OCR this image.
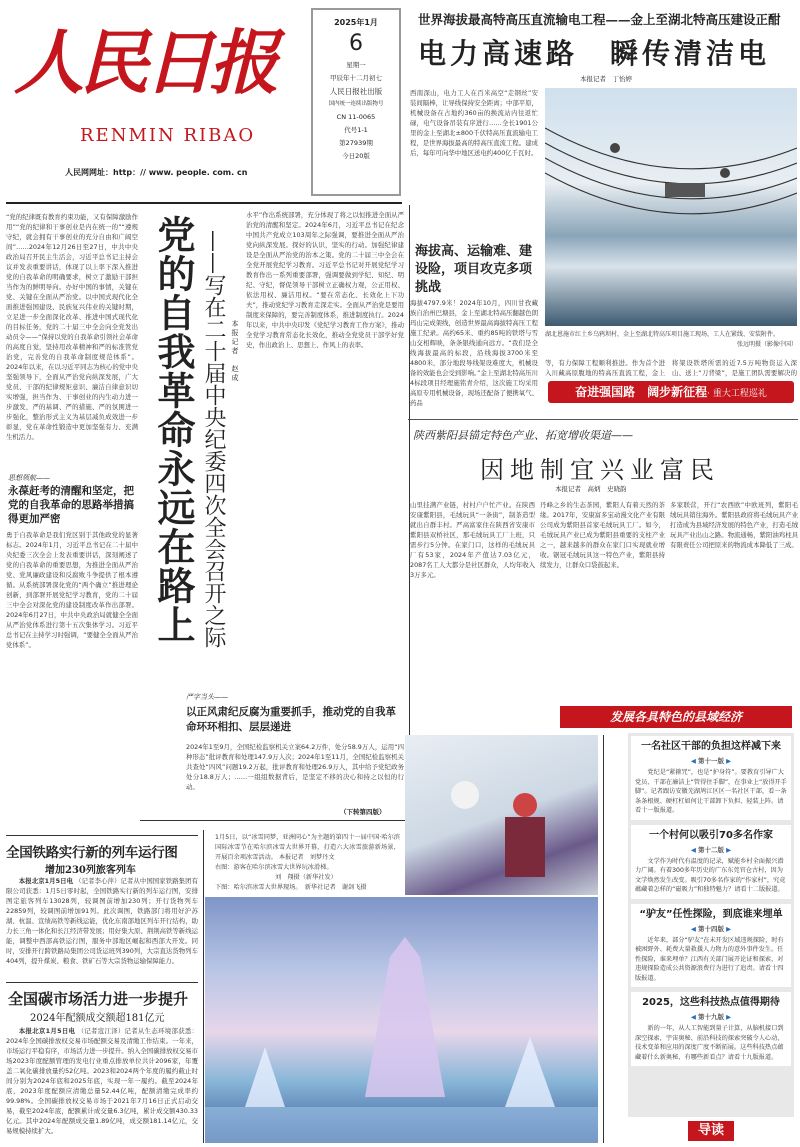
人民日报
RENMIN RIBAO
人民网网址：http：// www. people. com. cn
2025年1月
6
星期一
甲辰年十二月初七
人民日报社出版
国内统一连续出版物号
CN 11-0065
代号1-1
第27939期
今日20版
世界海拔最高特高压直流输电工程——金上至湖北特高压建设正酣
电力高速路　瞬传清洁电
本报记者　丁怡婷
西南深山，电力工人在百米高空“走钢丝”安装间隔棒，让导线保持安全距离；中部平原，机械设备在占地约360亩的换流站内往返忙碌，电气设备吊装有序进行……全长1901公里的金上至湖北±800千伏特高压直流输电工程，是世界海拔最高的特高压直流工程。建成后，每年可向华中地区送电约400亿千瓦时。
湖北恩施市红土乡乌鸦坝村，金上至湖北特高压项目施工现场，工人在紧线、安装附件。
张远明摄（影像中国）
海拔高、运输难、建设险，项目攻克多项挑战
海拔4797.9米！2024年10月，四川甘孜藏族自治州巴塘县，金上至湖北特高压翻越色朗玛山完成架线，创造世界最高海拔特高压工程施工纪录。高约65米、重约85吨的铁塔与雪山交相辉映，条条银线通向远方。“我们是全线海拔最高的标段，沿线海拔3700米至4800米，部分地段导线架设难度大，机械设备的效能也会受到影响。”金上至湖北特高压川4标段项目经理施铭青介绍，这次施工均采用高原专用机械设备，现场还配备了便携氧气、药品
等，有力保障工程顺利推进。作为首个进入川藏高原腹地的特高压直流工程，金上
将架设铁塔所需的近7.5万吨物资运入深山、送上“刀背梁”，是施工团队需要解决的
奋进强国路　阔步新征程· 重大工程巡礼
陕西紫阳县锚定特色产业、拓宽增收渠道——
因地制宜兴业富民
本报记者　高炳　史晓韵
山里挂满产业链，村村户户忙产业。在陕西安康紫阳县，毛绒玩具“一条街”，制茶造型就出自群丰村。严高富家住在陕西省安康市紫阳县双桥社区，那毛绒玩具工厂上班，只需步行5分钟。在家门口，这样的毛绒玩具厂有53家，2024年产值达7.03亿元，2087名工人大都分是社区群众，人均年收入3万多元。
丹峰之乡的生态茶园，紫阳人有着天然的茶缘。2017年，安康富多宝动漫文化产业有限公司成为紫阳县首家毛绒玩具工厂。如今，毛绒玩具产业已成为紫阳县重要的支柱产业之一，越来越多的群众在家门口实现就业增收。锯冠毛绒玩具这一特色产业，紫阳县持续发力，让群众口袋鼓起来。
多家联营，开行“农西欧”中欧班列，紫阳毛绒玩具销往海外。紫阳县政府将毛绒玩具产业打造成为县域经济发展的特色产业，打造毛绒玩具产业出山之路。物流通畅，紫阳油鸡柱具有限责任公司把原来的物流成本降低了三成。
发展各具特色的县域经济
“党的纪律既有教育约束功能，又有保障激励作用”“党的纪律和干事创业是内在统一的”“遵规守纪，就会拥有干事创业的充分自由和广阔空间”……2024年12月26日至27日，中共中央政治局召开民主生活会，习近平总书记主持会议并发表重要讲话，体现了以上率下深入推进党的自我革命的明确要求，树立了激励干部担当作为的鲜明导向。办好中国的事情，关键在党、关键在全面从严治党。以中国式现代化全面推进强国建设、民族复兴伟业的关键时期，立足进一步全面深化改革、推进中国式现代化的目标任务，党的二十届三中全会向全党发出动员令——“保持以党的自我革命引领社会革命的高度自觉，坚持用改革精神和严的标准管党治党，完善党的自我革命制度规范体系”。2024年以来，在以习近平同志为核心的党中央坚强领导下，全面从严治党向纵深发展，广大党员、干部的纪律规矩意识、廉洁自律意识切实增强，担当作为、干事创业的内生动力进一步激发，严的基调、严的措施、严的氛围进一步强化，整治形式主义为基层减负成效进一步彰显，党在革命性锻造中更加坚强有力、充满生机活力。
思想领航——
永葆赶考的清醒和坚定，把党的自我革命的思路举措搞得更加严密
勇于自我革命是我们党区别于其他政党的显著标志。2024年1月，习近平总书记在二十届中央纪委三次全会上发表重要讲话，深刻阐述了党的自我革命的重要思想，为推进全面从严治党、党风廉政建设和反腐败斗争提供了根本遵循。从系统部署深化党的“两个确立”推进理论创新，到部署开展党纪学习教育，党的二十届三中全会对深化党的建设制度改革作出部署。2024年6月27日，中共中央政治局就健全全面从严治党体系进行第十五次集体学习。习近平总书记在主持学习时强调，“要健全全面从严治党体系”。
党的自我革命永远在路上 ——写在二十届中央纪委四次全会召开之际 本报记者　赵成
水平”作出系统部署，充分体现了将之以恒推进全面从严治党的清醒和坚定。2024年6月，习近平总书记在纪念中国共产党成立103周年之际强调，要推进全面从严治党向纵深发展。探好的认识，坚实的行动。加强纪律建设是全面从严治党的治本之策。党的二十届三中全会在全党开展党纪学习教育。习近平总书记对开展党纪学习教育作出一系列重要部署，强调要做到学纪、知纪、明纪、守纪，督促领导干部树立正确权力观，公正用权、依法用权、廉洁用权。“要在常态化、长效化上下功夫”，推动党纪学习教育走深走实。全面从严治党是要用制度来保障的，要完善制度体系，推进制度执行。2024年以来，中共中央印发《党纪学习教育工作方案》，推动全党学习教育常态化长效化，推动全党党员干部学好党史，作出政治上、思想上、作风上的表率。
严字当头——
以正风肃纪反腐为重要抓手，推动党的自我革命环环相扣、层层递进
2024年1至9月，全国纪检监察机关立案64.2万件，处分58.9万人，运用“四种形态”批评教育和处理147.9万人次；2024年1至11月，全国纪检监察机关共查处“四风”问题19.2万起，批评教育和处理26.9万人，其中给予党纪政务处分18.8万人；……一组组数据背后，是坚定不移的决心和持之以恒的行动。
（下转第四版）
1月5日，以“冰雪同梦，亚洲同心”为主题的第四十一届中国·哈尔滨国际冰雪节在哈尔滨冰雪大世界开幕，打造六大冰雪旅游新场景，开展百余项冰雪活动。 本报记者　刘梦丹文
右图：游客在哈尔滨冰雪大世界玩冰滑梯。
刘　翔摄（新华社发）
下图：哈尔滨冰雪大世界现场。　新华社记者　谢剑飞摄
全国铁路实行新的列车运行图
增加230列旅客列车

本报北京1月5日电 （记者李心萍）记者从中国国家铁路集团有限公司获悉：1月5日零时起，全国铁路实行新的列车运行图，安排图定旅客列车13028列，较调图前增加230列；开行货物列车22859列，较调图前增加91列。此次调图，铁路部门将用好沪苏湖、杭温、宣绩高铁等新线运能，优化东南部地区列车开行结构，助力长三角一体化和长江经济带发展；用好集大原、荆荆高铁等新线运能，调整中西部高铁运行图，服务中部地区崛起和西部大开发。同时，安排开行跨铁路局集团公司货运班列390列，大宗直达货物列车404列，提升煤炭、粮食、铁矿石等大宗货物运输保障能力。

全国碳市场活力进一步提升
2024年配额成交额超181亿元

本报北京1月5日电 （记者寇江泽）记者从生态环境部获悉：2024年全国碳排放权交易市场配额交易及清缴工作结束。一年来，市场运行平稳有序，市场活力进一步提升。纳入全国碳排放权交易市场2023年度配额管理的发电行业重点排放单位共计2096家，年覆盖二氧化碳排放量约52亿吨。2023和2024两个年度的履约截止时间分别为2024年底和2025年底，实现一年一履约。截至2024年底，2023年度配额应清缴总量52.44亿吨，配额清缴完成率约99.98%。全国碳排放权交易市场于2021年7月16日正式启动交易，截至2024年底，配额累计成交量6.3亿吨，累计成交额430.33亿元。其中2024年配额成交量1.89亿吨，成交额181.14亿元，交易规模持续扩大。

一名社区干部的负担这样减下来
◀ 第十一版 ▶
党纪是“紧箍咒”，也是“护身符”。要教育引导广大党员、干部在廉洁上“管得住手脚”，在事业上“放得开手脚”。记者跟访安徽芜湖鸠江区区一名社区干部，看一条条条根规、硬杠杠如何让干部卸下负担、轻装上阵。请看十一版报道。
一个村何以吸引70多名作家
◀ 第十二版 ▶
文学作为时代有温度的记录，赋能乡村全面振兴潜力广阔。有着300多年历史的广东东莞官仓古村，因为文学焕然发生改变。吸引70多名作家的“作家村”，究竟蕴藏着怎样的“磁吸力”和独特魅力？请看十二版报道。
“驴友”任性探险，到底谁来埋单
◀ 第十四版 ▶
近年来，部分“驴友”在未开发区域违规探险，时有被困野外、耗费大量救援人力物力的意外事件发生。任性探险，谁来埋单？江西有关部门展开论证和探索，对违规探险造成公共资源浪费行为进行了追责。请看十四版报道。
2025，这些科技热点值得期待
◀ 第十九版 ▶
新的一年，从人工智能到量子计算，从脑机接口到深空探索，宇宙奥秘、前沿科技的探索突破令人心动，技术变革和应用的深度广度不断拓展。这些科技热点蕴藏着什么新奥秘、有哪些新看点？请看十九版报道。
导读
